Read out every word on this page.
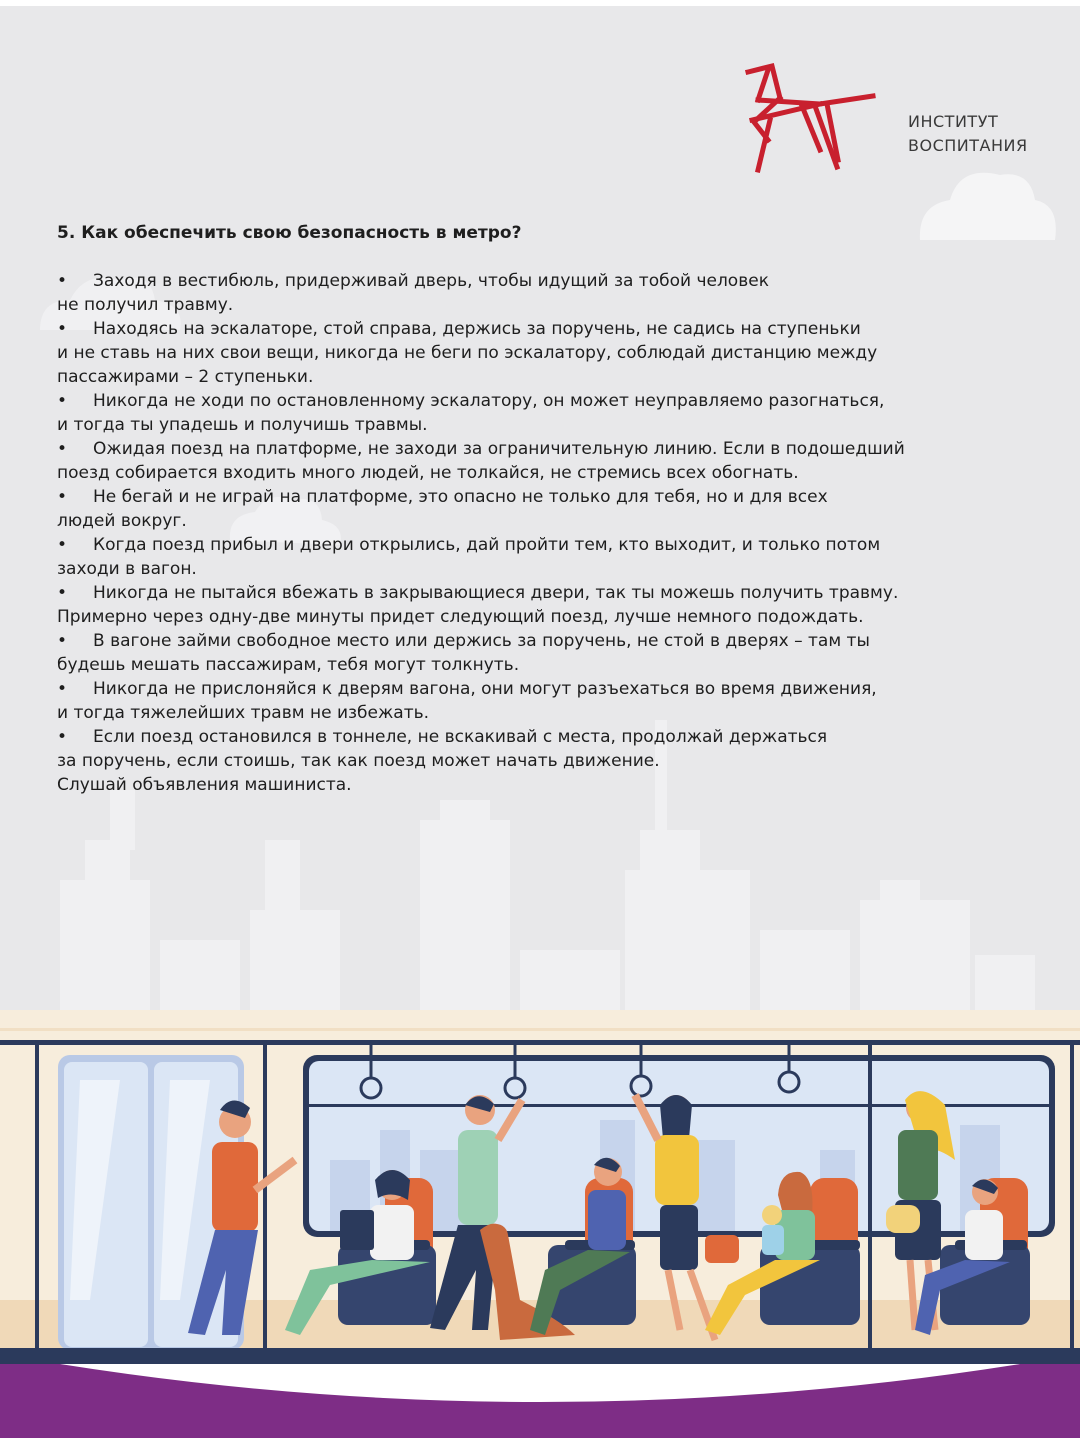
ИНСТИТУТ
ВОСПИТАНИЯ
5. Как обеспечить свою безопасность в метро?
• Заходя в вестибюль, придерживай дверь, чтобы идущий за тобой человек
не получил травму.
• Находясь на эскалаторе, стой справа, держись за поручень, не садись на ступеньки
и не ставь на них свои вещи, никогда не беги по эскалатору, соблюдай дистанцию между
пассажирами – 2 ступеньки.
• Никогда не ходи по остановленному эскалатору, он может неуправляемо разогнаться,
и тогда ты упадешь и получишь травмы.
• Ожидая поезд на платформе, не заходи за ограничительную линию. Если в подошедший
поезд собирается входить много людей, не толкайся, не стремись всех обогнать.
• Не бегай и не играй на платформе, это опасно не только для тебя, но и для всех
людей вокруг.
• Когда поезд прибыл и двери открылись, дай пройти тем, кто выходит, и только потом
заходи в вагон.
• Никогда не пытайся вбежать в закрывающиеся двери, так ты можешь получить травму.
Примерно через одну-две минуты придет следующий поезд, лучше немного подождать.
• В вагоне займи свободное место или держись за поручень, не стой в дверях – там ты
будешь мешать пассажирам, тебя могут толкнуть.
• Никогда не прислоняйся к дверям вагона, они могут разъехаться во время движения,
и тогда тяжелейших травм не избежать.
• Если поезд остановился в тоннеле, не вскакивай с места, продолжай держаться
за поручень, если стоишь, так как поезд может начать движение.
Слушай объявления машиниста.
